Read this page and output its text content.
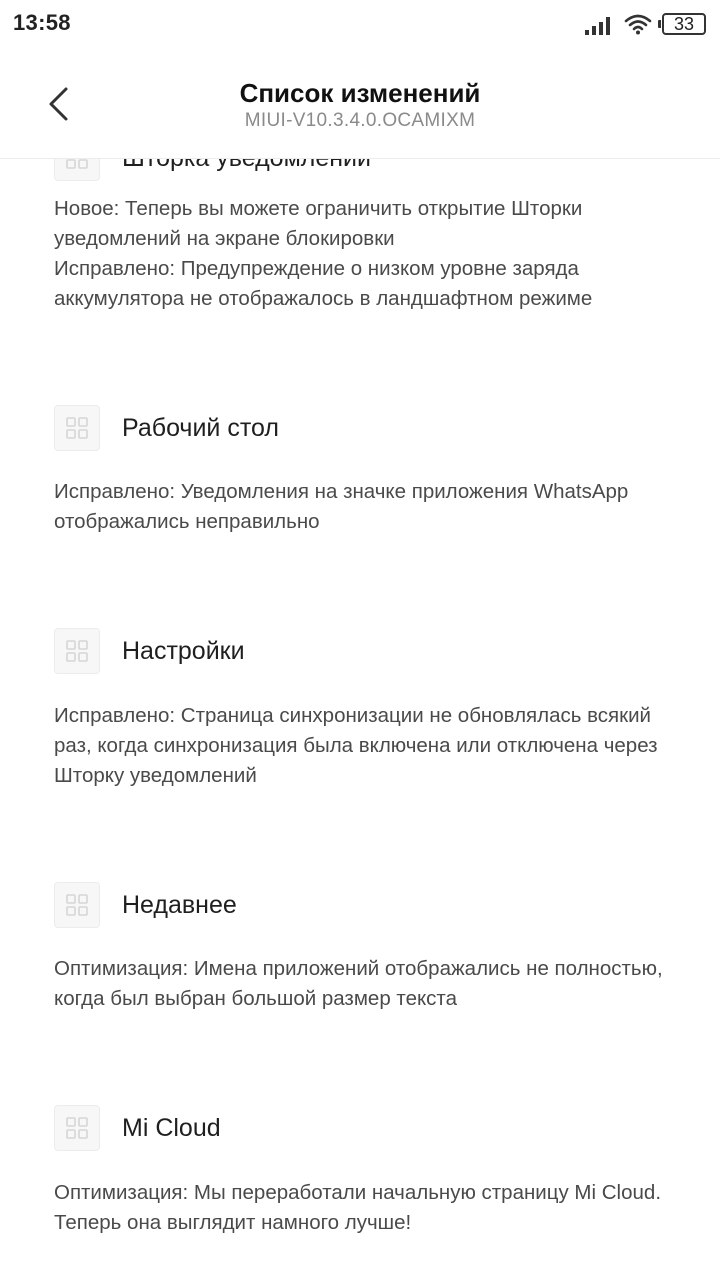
Новое: Теперь вы можете ограничить открытие Шторки уведомлений на экране блокировки

Исправлено: Предупреждение о низком уровне заряда аккумулятора не отображалось в ландшафтном режиме

Рабочий стол

Исправлено: Уведомления на значке приложения WhatsApp отображались неправильно

Настройки

Исправлено: Страница синхронизации не обновлялась всякий раз, когда синхронизация была включена или отключена через Шторку уведомлений

Недавнее

Оптимизация: Имена приложений отображались не полностью, когда был выбран большой размер текста

Mi Cloud

Оптимизация: Мы переработали начальную страницу Mi Cloud. Теперь она выглядит намного лучше!

Список изменений
MIUI-V10.3.4.0.OCAMIXM
13:58	33
